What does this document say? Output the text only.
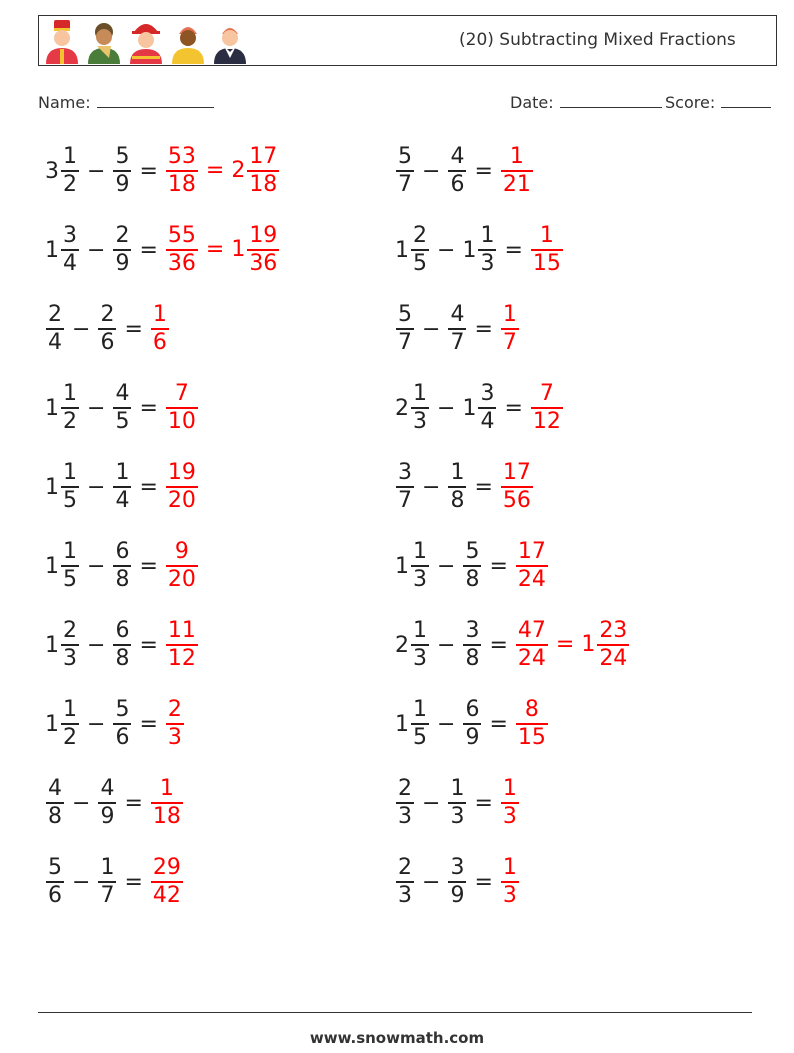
(20) Subtracting Mixed Fractions
Name:	Date:	Score:
$3 \frac{1}{2} - \frac{5}{9} = \frac{53}{18} = 2 \frac{17}{18}$
$1 \frac{3}{4} - \frac{2}{9} = \frac{55}{36} = 1 \frac{19}{36}$
$\frac{2}{4} - \frac{2}{6} = \frac{1}{6}$
$1 \frac{1}{2} - \frac{4}{5} = \frac{7}{10}$
$1 \frac{1}{5} - \frac{1}{4} = \frac{19}{20}$
$1 \frac{1}{5} - \frac{6}{8} = \frac{9}{20}$
$1 \frac{2}{3} - \frac{6}{8} = \frac{11}{12}$
$1 \frac{1}{2} - \frac{5}{6} = \frac{2}{3}$
$\frac{4}{8} - \frac{4}{9} = \frac{1}{18}$
$\frac{5}{6} - \frac{1}{7} = \frac{29}{42}$
$\frac{5}{7} - \frac{4}{6} = \frac{1}{21}$
$1 \frac{2}{5} - 1 \frac{1}{3} = \frac{1}{15}$
$\frac{5}{7} - \frac{4}{7} = \frac{1}{7}$
$2 \frac{1}{3} - 1 \frac{3}{4} = \frac{7}{12}$
$\frac{3}{7} - \frac{1}{8} = \frac{17}{56}$
$1 \frac{1}{3} - \frac{5}{8} = \frac{17}{24}$
$2 \frac{1}{3} - \frac{3}{8} = \frac{47}{24} = 1 \frac{23}{24}$
$1 \frac{1}{5} - \frac{6}{9} = \frac{8}{15}$
$\frac{2}{3} - \frac{1}{3} = \frac{1}{3}$
$\frac{2}{3} - \frac{3}{9} = \frac{1}{3}$
www.snowmath.com
